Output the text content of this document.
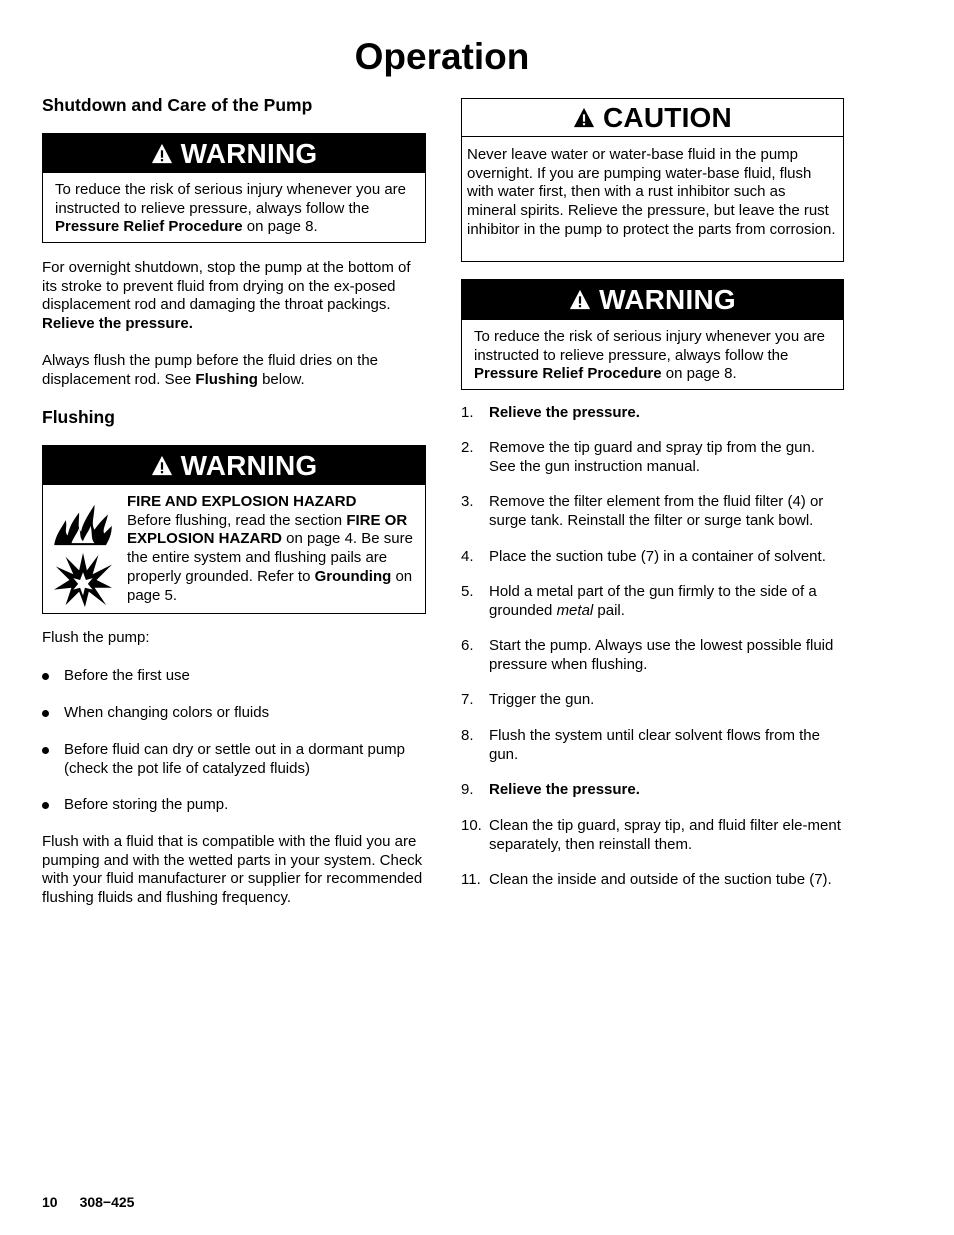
Operation
Shutdown and Care of the Pump
WARNING
To reduce the risk of serious injury whenever you are instructed to relieve pressure, always follow the Pressure Relief Procedure on page 8.

For overnight shutdown, stop the pump at the bottom of its stroke to prevent fluid from drying on the ex-posed displacement rod and damaging the throat packings. Relieve the pressure.

Always flush the pump before the fluid dries on the displacement rod. See Flushing below.

Flushing
WARNING
FIRE AND EXPLOSION HAZARD
Before flushing, read the section FIRE OR EXPLOSION HAZARD on page 4. Be sure the entire system and flushing pails are properly grounded. Refer to Grounding on page 5.

Flush the pump:

Before the first use
When changing colors or fluids
Before fluid can dry or settle out in a dormant pump (check the pot life of catalyzed fluids)
Before storing the pump.

Flush with a fluid that is compatible with the fluid you are pumping and with the wetted parts in your system. Check with your fluid manufacturer or supplier for recommended flushing fluids and flushing frequency.

CAUTION
Never leave water or water-base fluid in the pump overnight. If you are pumping water-base fluid, flush with water first, then with a rust inhibitor such as mineral spirits. Relieve the pressure, but leave the rust inhibitor in the pump to protect the parts from corrosion.
WARNING
To reduce the risk of serious injury whenever you are instructed to relieve pressure, always follow the Pressure Relief Procedure on page 8.
1.	Relieve the pressure.
2.	Remove the tip guard and spray tip from the gun. See the gun instruction manual.
3.	Remove the filter element from the fluid filter (4) or surge tank. Reinstall the filter or surge tank bowl.
4.	Place the suction tube (7) in a container of solvent.
5.	Hold a metal part of the gun firmly to the side of a grounded metal pail.
6.	Start the pump. Always use the lowest possible fluid pressure when flushing.
7.	Trigger the gun.
8.	Flush the system until clear solvent flows from the gun.
9.	Relieve the pressure.
10. Clean the tip guard, spray tip, and fluid filter ele-ment separately, then reinstall them.
11. Clean the inside and outside of the suction tube (7).
10 308−425
